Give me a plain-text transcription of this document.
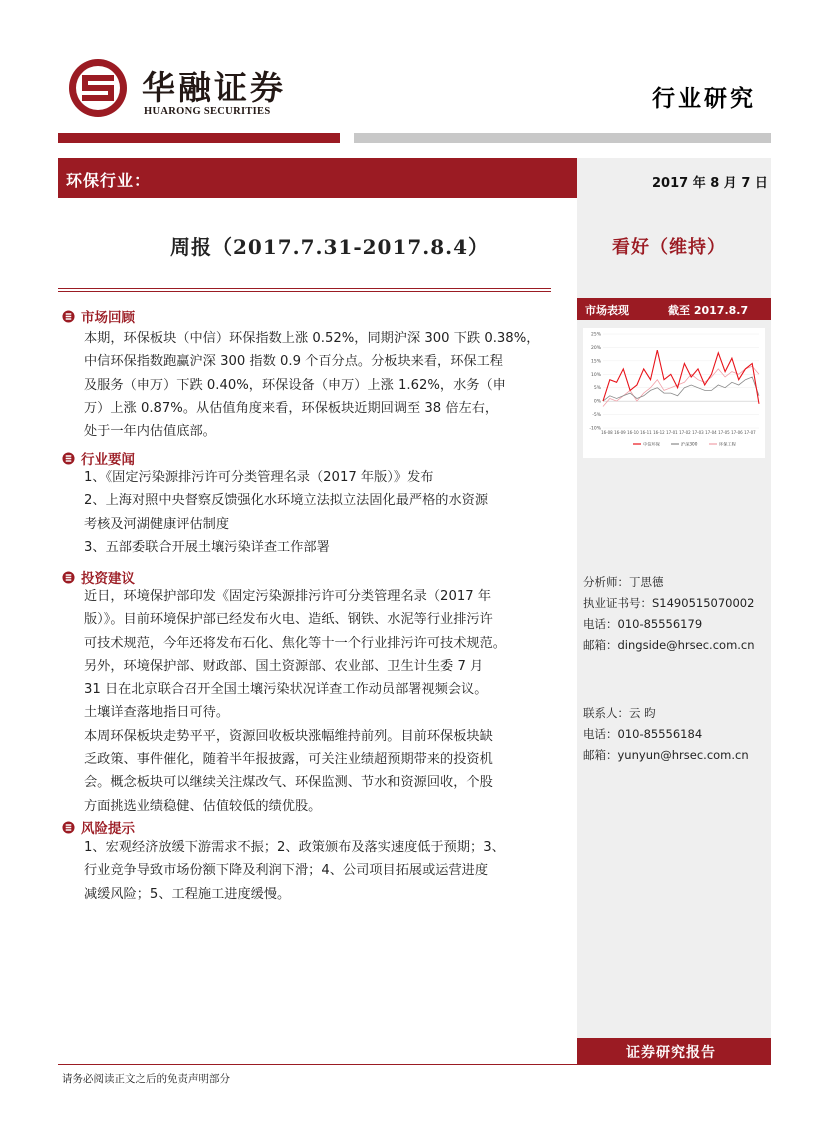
华融证券
HUARONG SECURITIES	行业研究
环保行业：	2017 年 8 月 7 日
周报（2017.7.31-2017.8.4）	看好（维持）
市场回顾

本期，环保板块（中信）环保指数上涨 0.52%，同期沪深 300 下跌 0.38%，

中信环保指数跑赢沪深 300 指数 0.9 个百分点。分板块来看，环保工程

及服务（申万）下跌 0.40%，环保设备（申万）上涨 1.62%，水务（申

万）上涨 0.87%。从估值角度来看，环保板块近期回调至 38 倍左右，

处于一年内估值底部。

行业要闻

1、《固定污染源排污许可分类管理名录（2017 年版）》发布

2、上海对照中央督察反馈强化水环境立法拟立法固化最严格的水资源

考核及河湖健康评估制度

3、五部委联合开展土壤污染详查工作部署

投资建议

近日，环境保护部印发《固定污染源排污许可分类管理名录（2017 年

版）》。目前环境保护部已经发布火电、造纸、钢铁、水泥等行业排污许

可技术规范，今年还将发布石化、焦化等十一个行业排污许可技术规范。

另外，环境保护部、财政部、国土资源部、农业部、卫生计生委 7 月

31 日在北京联合召开全国土壤污染状况详查工作动员部署视频会议。

土壤详查落地指日可待。

本周环保板块走势平平，资源回收板块涨幅维持前列。目前环保板块缺

乏政策、事件催化，随着半年报披露，可关注业绩超预期带来的投资机

会。概念板块可以继续关注煤改气、环保监测、节水和资源回收，个股

方面挑选业绩稳健、估值较低的绩优股。

风险提示

1、宏观经济放缓下游需求不振；2、政策颁布及落实速度低于预期；3、

行业竞争导致市场份额下降及利润下滑；4、公司项目拓展或运营进度

减缓风险；5、工程施工进度缓慢。

市场表现	截至 2017.8.7
25%
20%
15%
10%
5%
0%
-5%
-10%
16-08 16-09 16-10 16-11 16-12 17-01 17-02 17-03 17-04 17-05 17-06 17-07
中信环保	沪深300	环保工程
分析师：丁思德
执业证书号：S1490515070002
电话：010-85556179
邮箱：dingside@hrsec.com.cn
联系人：云 昀
电话：010-85556184
邮箱：yunyun@hrsec.com.cn
证券研究报告
请务必阅读正文之后的免责声明部分
